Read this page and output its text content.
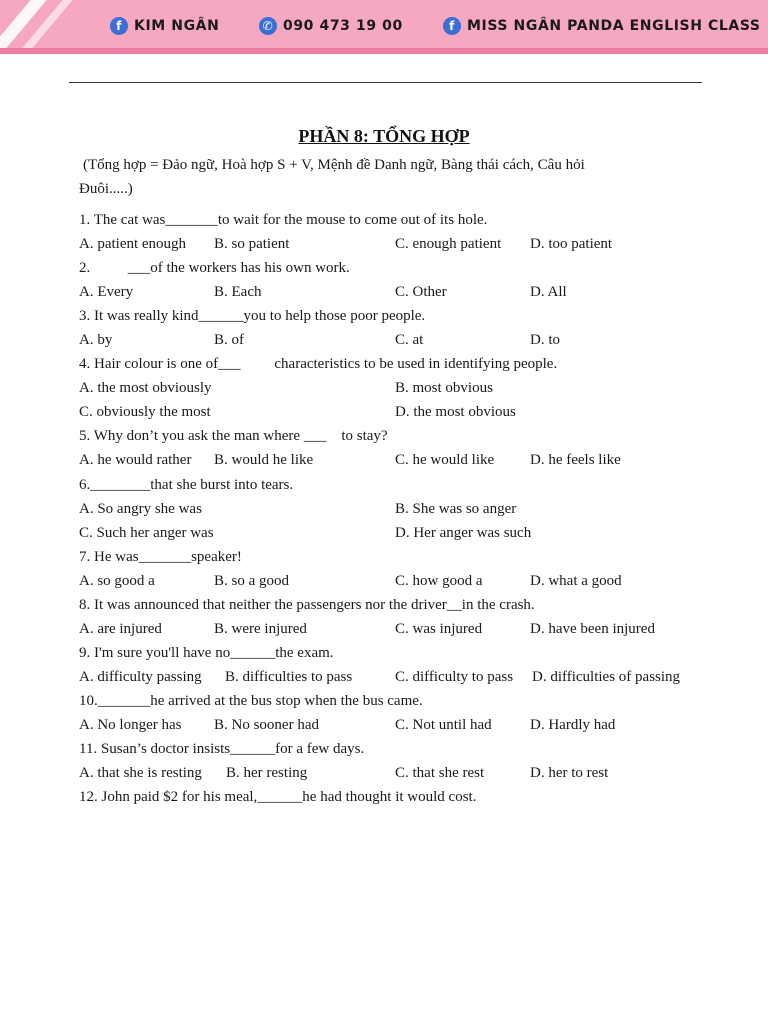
f KIM NGÂN	✆ 090 473 19 00	f MISS NGÂN PANDA ENGLISH CLASS
PHẦN 8: TỔNG HỢP
(Tổng hợp = Đảo ngữ, Hoà hợp S + V, Mệnh đề Danh ngữ, Bàng thái cách, Câu hỏi
Đuôi.....)
1. The cat was_______to wait for the mouse to come out of its hole.
A. patient enough B. so patient	C. enough patient D. too patient
2.          ___of the workers has his own work.
A. Every	B. Each	C. Other	D. All
3. It was really kind______you to help those poor people.
A. by	B. of	C. at	D. to
4. Hair colour is one of___         characteristics to be used in identifying people.
A. the most obviously	B. most obvious
C. obviously the most	D. the most obvious
5. Why don’t you ask the man where ___    to stay?
A. he would rather B. would he like	C. he would like D. he feels like
6.________that she burst into tears.
A. So angry she was	B. She was so anger
C. Such her anger was	D. Her anger was such
7. He was_______speaker!
A. so good a	B. so a good	C. how good a	D. what a good
8. It was announced that neither the passengers nor the driver__in the crash.
A. are injured	B. were injured	C. was injured	D. have been injured
9. I'm sure you'll have no______the exam.
A. difficulty passing B. difficulties to pass	C. difficulty to pass D. difficulties of passing
10._______he arrived at the bus stop when the bus came.
A. No longer has B. No sooner had	C. Not until had	D. Hardly had
11. Susan’s doctor insists______for a few days.
A. that she is resting B. her resting	C. that she rest	D. her to rest
12. John paid $2 for his meal,______he had thought it would cost.
